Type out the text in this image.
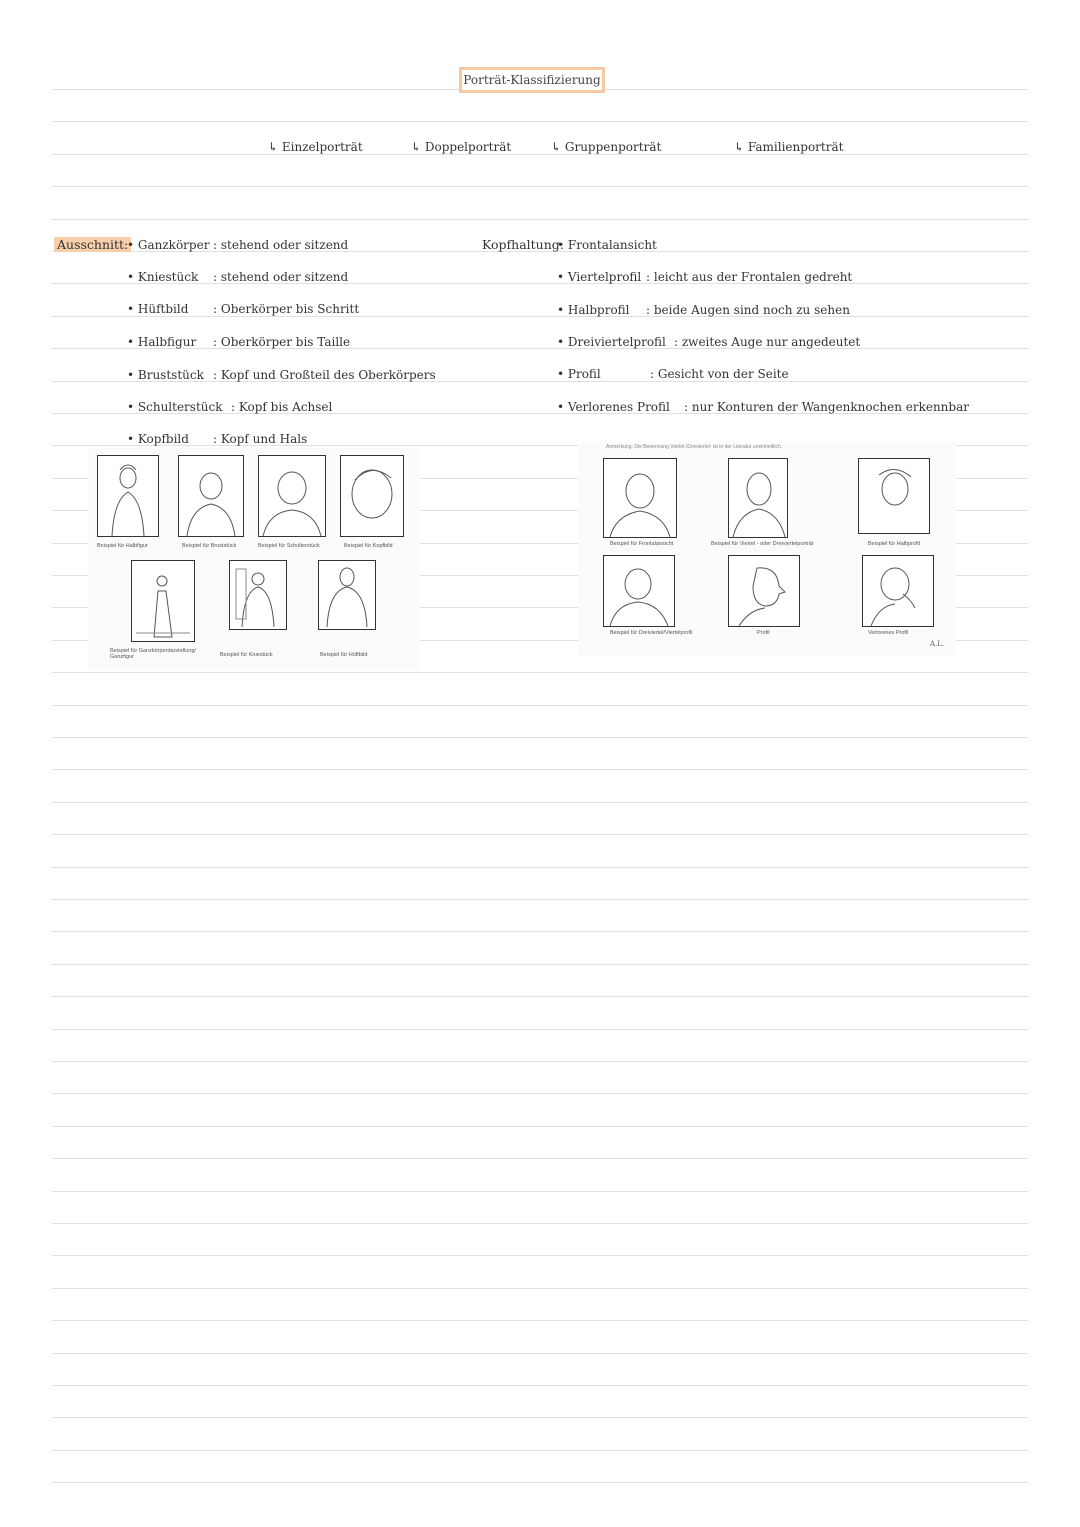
Porträt-Klassifizierung
↳ Einzelporträt	↳ Doppelporträt	↳ Gruppenporträt	↳ Familienporträt
Ausschnitt:
• Ganzkörper : stehend oder sitzend
• Kniestück : stehend oder sitzend
• Hüftbild : Oberkörper bis Schritt
• Halbfigur : Oberkörper bis Taille
• Bruststück : Kopf und Großteil des Oberkörpers
• Schulterstück : Kopf bis Achsel
• Kopfbild : Kopf und Hals
Kopfhaltung:
• Frontalansicht
• Viertelprofil : leicht aus der Frontalen gedreht
• Halbprofil : beide Augen sind noch zu sehen
• Dreiviertelprofil : zweites Auge nur angedeutet
• Profil	: Gesicht von der Seite
• Verlorenes Profil : nur Konturen der Wangenknochen erkennbar
Beispiel für Halbfigur	Beispiel für Bruststück	Beispiel für Schulterstück	Beispiel für Kopfbild
Beispiel für Ganzkörperdarstellung/ Ganzfigur	Beispiel für Kniestück	Beispiel für Hüftbild
Anmerkung: Die Benennung Viertel-/Dreiviertel- ist in der Literatur uneinheitlich.
Beispiel für Frontalansicht	Beispiel für Viertel - oder Dreiviertelporträt	Beispiel für Halbprofil
Beispiel für Dreiviertel/Viertelprofil	Profil	Verlorenes Profil
A.L.
